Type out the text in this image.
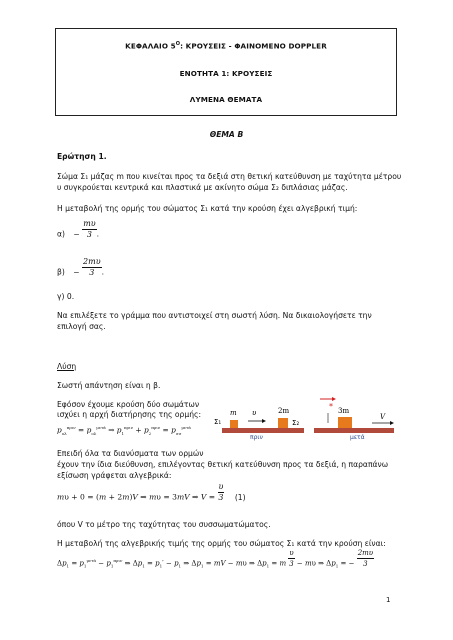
ΚΕΦΑΛΑΙΟ $5^O$: ΚΡΟΥΣΕΙΣ - ΦΑΙΝΟΜΕΝΟ DOPPLER
ΕΝΟΤΗΤΑ 1: ΚΡΟΥΣΕΙΣ
ΛΥΜΕΝΑ ΘΕΜΑΤΑ
ΘΕΜΑ Β
Ερώτηση 1.
Σώμα Σ₁ μάζας m που κινείται προς τα δεξιά στη θετική κατεύθυνση με ταχύτητα μέτρου
υ συγκρούεται κεντρικά και πλαστικά με ακίνητο σώμα Σ₂ διπλάσιας μάζας.
Η μεταβολή της ορμής του σώματος Σ₁ κατά την κρούση έχει αλγεβρική τιμή:
$\alpha) - \frac{m\upsilon}{3}$ .
$\beta) - \frac{2m\upsilon}{3}$ .
γ) 0.
Να επιλέξετε το γράμμα που αντιστοιχεί στη σωστή λύση. Να δικαιολογήσετε την
επιλογή σας.
Λύση
Σωστή απάντηση είναι η β.
Εφόσον έχουμε κρούση δύο σωμάτων
ισχύει η αρχή διατήρησης της ορμής:
$p_{o\lambda}^{\pi\rho\iota\nu} = p_{o\lambda}^{\mu\varepsilon\tau ά}$ ⇒ $p_1^{\pi\rho\iota\nu} + p_2^{\pi\rho\iota\nu} = p_{\sigma\sigma}^{\mu\varepsilon\tau ά}$
*
m υ	2m	3m
Σ₁	Σ₂
V
πριν	μετά
Επειδή όλα τα διανύσματα των ορμών
έχουν την ίδια διεύθυνση, επιλέγοντας θετική κατεύθυνση προς τα δεξιά, η παραπάνω
εξίσωση γράφεται αλγεβρικά:
mυ + 0 = (m + 2m)V ⇒ mυ = 3mV ⇒ $V = \frac{\upsilon}{3} (1)$
όπου V το μέτρο της ταχύτητας του συσσωματώματος.
Η μεταβολή της αλγεβρικής τιμής της ορμής του σώματος Σ₁ κατά την κρούση είναι:
$\Delta p_1 = p_1^{\mu\varepsilon\tau ά} - p_1^{\pi\rho\iota\nu}$ ⇒ $\Delta p_1 = p_1' - p_1$ ⇒ $\Delta p_1$ = mV − mυ ⇒ $\Delta p_1 = m \frac{\upsilon}{3} - m\upsilon$ ⇒ $\Delta p_1$ = − $\frac{2m\upsilon}{3}$
1
